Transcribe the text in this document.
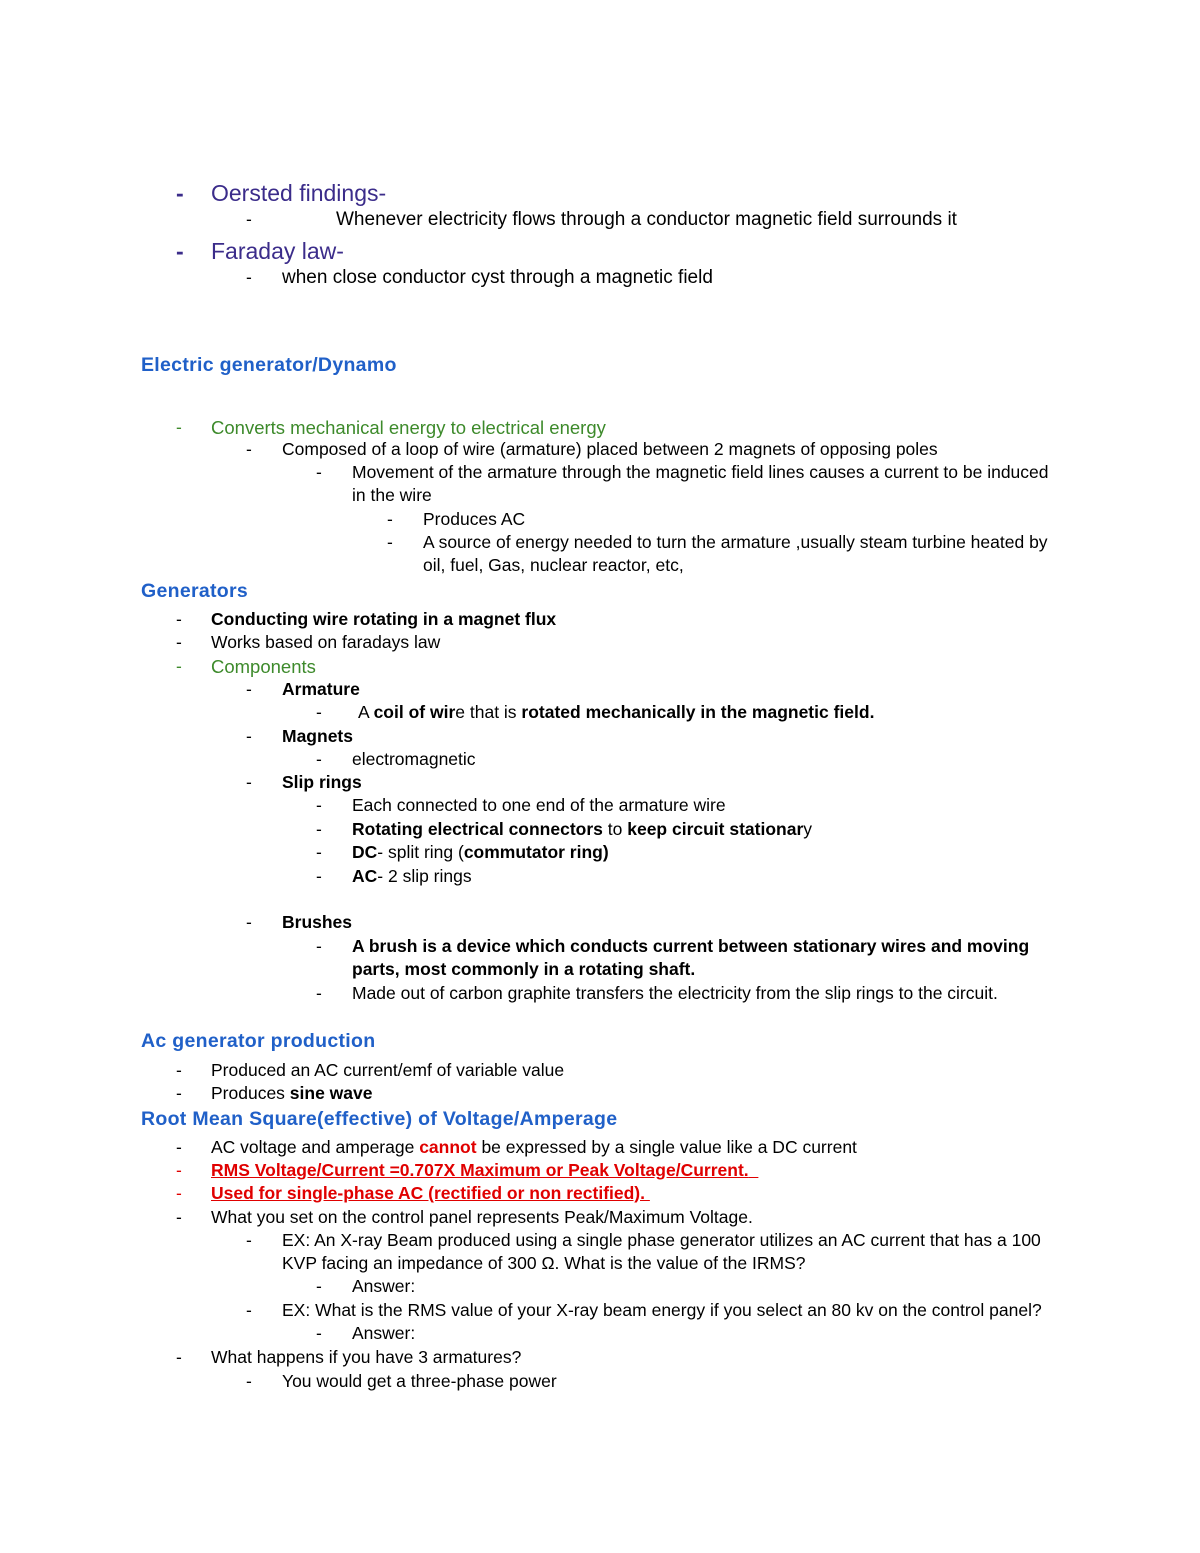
- Oersted findings-
-	Whenever electricity flows through a conductor magnetic field surrounds it
- Faraday law-
- when close conductor cyst through a magnetic field
Electric generator/Dynamo
- Converts mechanical energy to electrical energy
- Composed of a loop of wire (armature) placed between 2 magnets of opposing poles
- Movement of the armature through the magnetic field lines causes a current to be induced
in the wire
- Produces AC
- A source of energy needed to turn the armature ,usually steam turbine heated by
oil, fuel, Gas, nuclear reactor, etc,
Generators
- Conducting wire rotating in a magnet flux
- Works based on faradays law
- Components
- Armature
- A coil of wire that is rotated mechanically in the magnetic field.
- Magnets
- electromagnetic
- Slip rings
- Each connected to one end of the armature wire
- Rotating electrical connectors to keep circuit stationary
- DC- split ring (commutator ring)
- AC- 2 slip rings
- Brushes
- A brush is a device which conducts current between stationary wires and moving
parts, most commonly in a rotating shaft.
- Made out of carbon graphite transfers the electricity from the slip rings to the circuit.
Ac generator production
- Produced an AC current/emf of variable value
- Produces sine wave
Root Mean Square(effective) of Voltage/Amperage
- AC voltage and amperage cannot be expressed by a single value like a DC current
- RMS Voltage/Current =0.707X Maximum or Peak Voltage/Current.
- Used for single-phase AC (rectified or non rectified).
- What you set on the control panel represents Peak/Maximum Voltage.
- EX: An X-ray Beam produced using a single phase generator utilizes an AC current that has a 100
KVP facing an impedance of 300 Ω. What is the value of the IRMS?
- Answer:
- EX: What is the RMS value of your X-ray beam energy if you select an 80 kv on the control panel?
- Answer:
- What happens if you have 3 armatures?
- You would get a three-phase power
